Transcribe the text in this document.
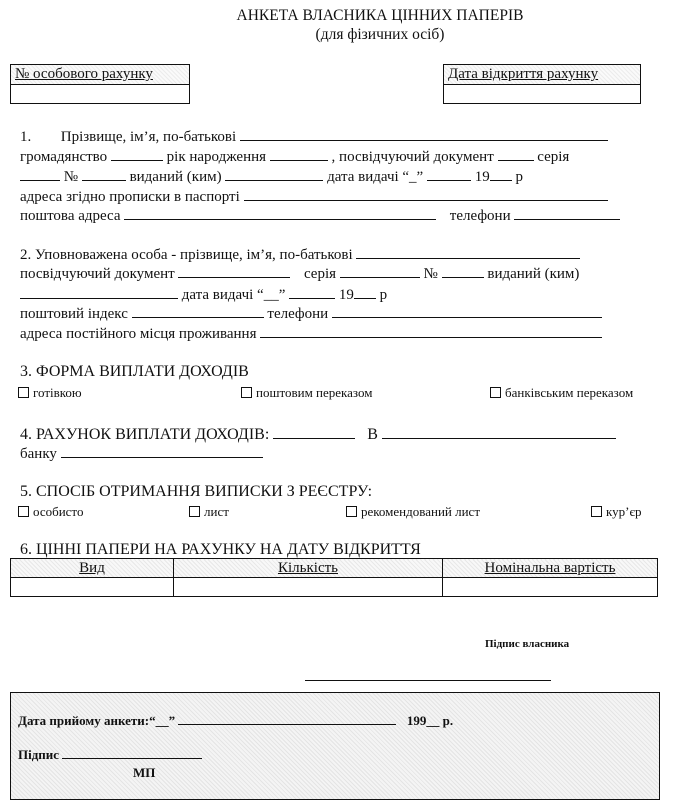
АНКЕТА ВЛАСНИКА ЦІННИХ ПАПЕРІВ
(для фізичних осіб)
№ особового рахунку	Дата відкриття рахунку
1. Прізвище, ім’я, по-батькові
громадянство	рік народження	, посвідчуючий документ	серія
№	виданий (ким)	дата видачі “_”	19 р
адреса згідно прописки в паспорті
поштова адреса	телефони
2. Уповноважена особа - прізвище, ім’я, по-батькові
посвідчуючий документ	серія	№	виданий (ким)
дата видачі “__”	19 р
поштовий індекс	телефони
адреса постійного місця проживання
3. ФОРМА ВИПЛАТИ ДОХОДІВ
готівкою	поштовим переказом	банківським переказом
4. РАХУНОК ВИПЛАТИ ДОХОДІВ:	В
банку
5. СПОСІБ ОТРИМАННЯ ВИПИСКИ З РЕЄСТРУ:
особисто	лист	рекомендований лист	кур’єр
6. ЦІННІ ПАПЕРИ НА РАХУНКУ НА ДАТУ ВІДКРИТТЯ
Вид	Кількість	Номінальна вартість

Підпис власника
Дата прийому анкети:“__”	199__ р.
Підпис
МП
